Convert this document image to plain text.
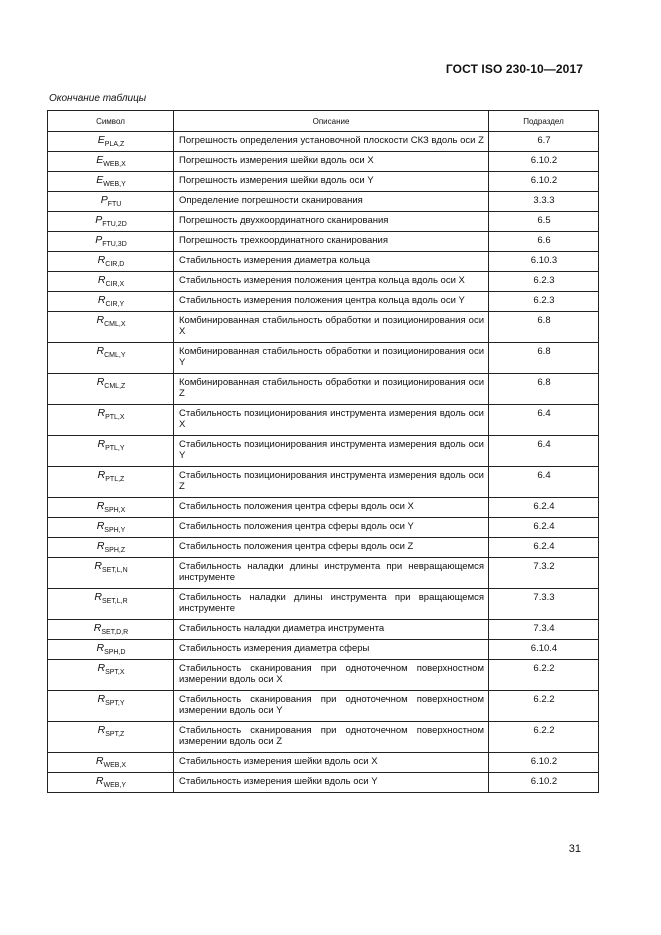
ГОСТ ISO 230-10—2017
Окончание таблицы
Символ	Описание	Подраздел
$E_{PLA,Z}$	Погрешность определения установочной плоскости СКЗ вдоль оси Z	6.7
$E_{WEB,X}$	Погрешность измерения шейки вдоль оси X	6.10.2
$E_{WEB,Y}$	Погрешность измерения шейки вдоль оси Y	6.10.2
$P_{FTU}$	Определение погрешности сканирования	3.3.3
$P_{FTU,2D}$	Погрешность двухкоординатного сканирования	6.5
$P_{FTU,3D}$	Погрешность трехкоординатного сканирования	6.6
$R_{CIR,D}$	Стабильность измерения диаметра кольца	6.10.3
$R_{CIR,X}$	Стабильность измерения положения центра кольца вдоль оси X	6.2.3
$R_{CIR,Y}$	Стабильность измерения положения центра кольца вдоль оси Y	6.2.3
$R_{CML,X}$	Комбинированная стабильность обработки и позиционирования оси X	6.8
$R_{CML,Y}$	Комбинированная стабильность обработки и позиционирования оси Y	6.8
$R_{CML,Z}$	Комбинированная стабильность обработки и позиционирования оси Z	6.8
$R_{PTL,X}$	Стабильность позиционирования инструмента измерения вдоль оси X	6.4
$R_{PTL,Y}$	Стабильность позиционирования инструмента измерения вдоль оси Y	6.4
$R_{PTL,Z}$	Стабильность позиционирования инструмента измерения вдоль оси Z	6.4
$R_{SPH,X}$	Стабильность положения центра сферы вдоль оси X	6.2.4
$R_{SPH,Y}$	Стабильность положения центра сферы вдоль оси Y	6.2.4
$R_{SPH,Z}$	Стабильность положения центра сферы вдоль оси Z	6.2.4
$R_{SET,L,N}$	Стабильность наладки длины инструмента при невращающемся инструменте	7.3.2
$R_{SET,L,R}$	Стабильность наладки длины инструмента при вращающемся инструменте	7.3.3
$R_{SET,D,R}$	Стабильность наладки диаметра инструмента	7.3.4
$R_{SPH,D}$	Стабильность измерения диаметра сферы	6.10.4
$R_{SPT,X}$	Стабильность сканирования при одноточечном поверхностном измерении вдоль оси X	6.2.2
$R_{SPT,Y}$	Стабильность сканирования при одноточечном поверхностном измерении вдоль оси Y	6.2.2
$R_{SPT,Z}$	Стабильность сканирования при одноточечном поверхностном измерении вдоль оси Z	6.2.2
$R_{WEB,X}$	Стабильность измерения шейки вдоль оси X	6.10.2
$R_{WEB,Y}$	Стабильность измерения шейки вдоль оси Y	6.10.2
31
